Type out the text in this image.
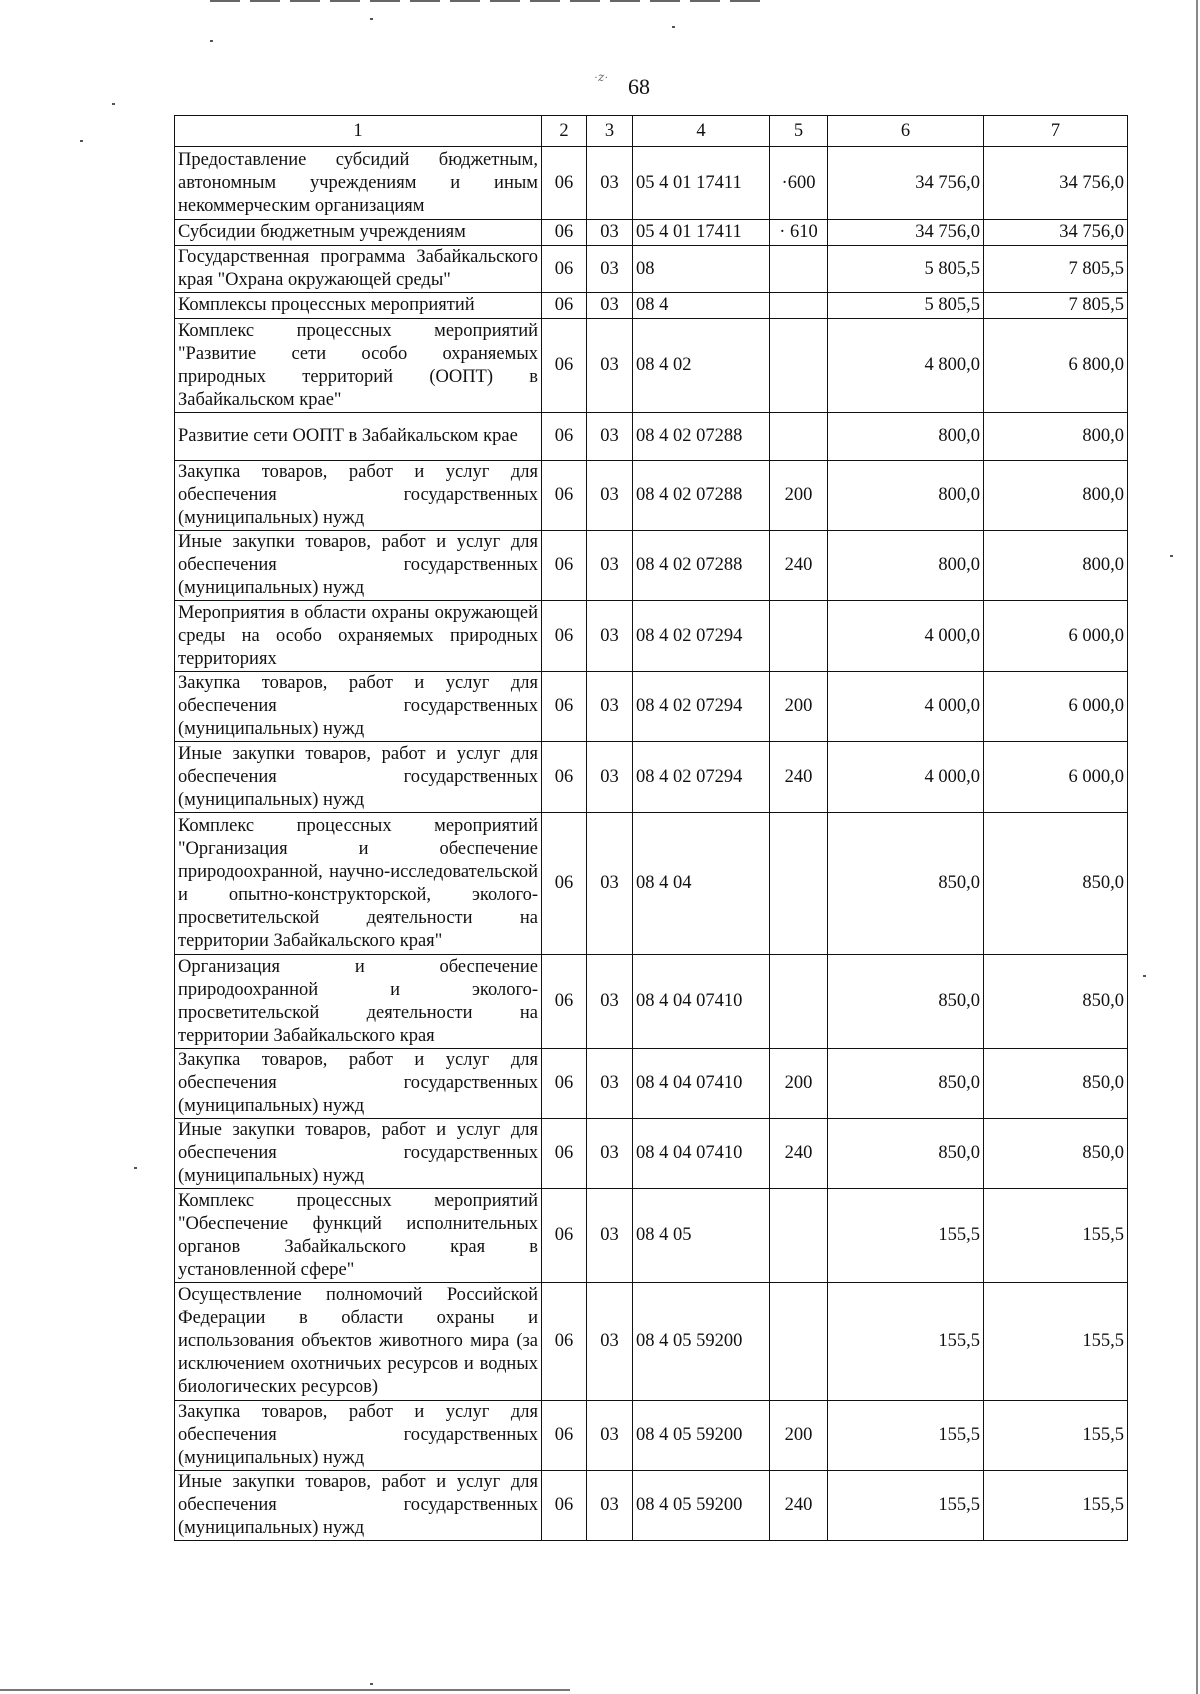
·𝑧· 68
1	2	3	4	5	6	7
Предоставление субсидий бюджетным, автономным учреждениям и иным некоммерческим организациям	06	03	05 4 01 17411	·600	34 756,0	34 756,0
Субсидии бюджетным учреждениям	06	03	05 4 01 17411	· 610	34 756,0	34 756,0
Государственная программа Забайкальского края "Охрана окружающей среды"	06	03	08		5 805,5	7 805,5
Комплексы процессных мероприятий	06	03	08 4		5 805,5	7 805,5
Комплекс процессных мероприятий "Развитие сети особо охраняемых природных территорий (ООПТ) в Забайкальском крае"	06	03	08 4 02		4 800,0	6 800,0
Развитие сети ООПТ в Забайкальском крае	06	03	08 4 02 07288		800,0	800,0
Закупка товаров, работ и услуг для обеспечения государственных (муниципальных) нужд	06	03	08 4 02 07288	200	800,0	800,0
Иные закупки товаров, работ и услуг для обеспечения государственных (муниципальных) нужд	06	03	08 4 02 07288	240	800,0	800,0
Мероприятия в области охраны окружающей среды на особо охраняемых природных территориях	06	03	08 4 02 07294		4 000,0	6 000,0
Закупка товаров, работ и услуг для обеспечения государственных (муниципальных) нужд	06	03	08 4 02 07294	200	4 000,0	6 000,0
Иные закупки товаров, работ и услуг для обеспечения государственных (муниципальных) нужд	06	03	08 4 02 07294	240	4 000,0	6 000,0
Комплекс процессных мероприятий "Организация и обеспечение природоохранной, научно-исследовательской и опытно-конструкторской, эколого-просветительской деятельности на территории Забайкальского края"	06	03	08 4 04		850,0	850,0
Организация и обеспечение природоохранной и эколого-просветительской деятельности на территории Забайкальского края	06	03	08 4 04 07410		850,0	850,0
Закупка товаров, работ и услуг для обеспечения государственных (муниципальных) нужд	06	03	08 4 04 07410	200	850,0	850,0
Иные закупки товаров, работ и услуг для обеспечения государственных (муниципальных) нужд	06	03	08 4 04 07410	240	850,0	850,0
Комплекс процессных мероприятий "Обеспечение функций исполнительных органов Забайкальского края в установленной сфере"	06	03	08 4 05		155,5	155,5
Осуществление полномочий Российской Федерации в области охраны и использования объектов животного мира (за исключением охотничьих ресурсов и водных биологических ресурсов)	06	03	08 4 05 59200		155,5	155,5
Закупка товаров, работ и услуг для обеспечения государственных (муниципальных) нужд	06	03	08 4 05 59200	200	155,5	155,5
Иные закупки товаров, работ и услуг для обеспечения государственных (муниципальных) нужд	06	03	08 4 05 59200	240	155,5	155,5
